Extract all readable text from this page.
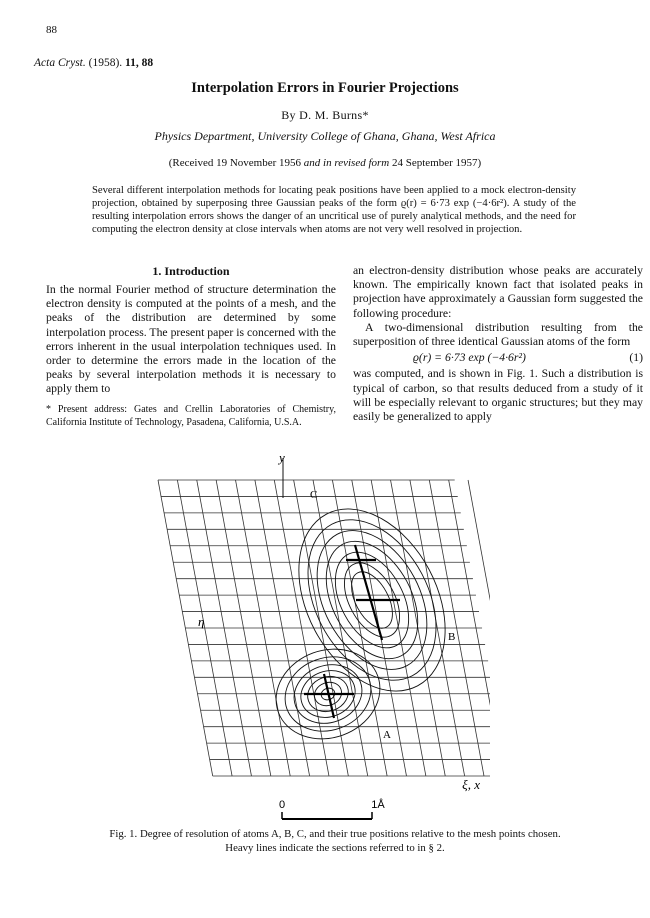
88
Acta Cryst. (1958). 11, 88
Interpolation Errors in Fourier Projections
By D. M. Burns*
Physics Department, University College of Ghana, Ghana, West Africa
(Received 19 November 1956 and in revised form 24 September 1957)
Several different interpolation methods for locating peak positions have been applied to a mock electron-density projection, obtained by superposing three Gaussian peaks of the form ϱ(r) = 6·73 exp (−4·6r²). A study of the resulting interpolation errors shows the danger of an uncritical use of purely analytical methods, and the need for computing the electron density at close intervals when atoms are not very well resolved in projection.
1. Introduction
In the normal Fourier method of structure determination the electron density is computed at the points of a mesh, and the peaks of the distribution are determined by some interpolation process. The present paper is concerned with the errors inherent in the usual interpolation techniques used. In order to determine the errors made in the location of the peaks by several interpolation methods it is necessary to apply them to
* Present address: Gates and Crellin Laboratories of Chemistry, California Institute of Technology, Pasadena, California, U.S.A.
an electron-density distribution whose peaks are accurately known. The empirically known fact that isolated peaks in projection have approximately a Gaussian form suggested the following procedure:
A two-dimensional distribution resulting from the superposition of three identical Gaussian atoms of the form
ϱ(r) = 6·73 exp (−4·6r²)	(1)
was computed, and is shown in Fig. 1. Such a distribution is typical of carbon, so that results deduced from a study of it will be especially relevant to organic structures; but they may easily be generalized to apply
y
η
ξ, x
C
B
A
0	1Å
Fig. 1. Degree of resolution of atoms A, B, C, and their true positions relative to the mesh points chosen.
Heavy lines indicate the sections referred to in § 2.
